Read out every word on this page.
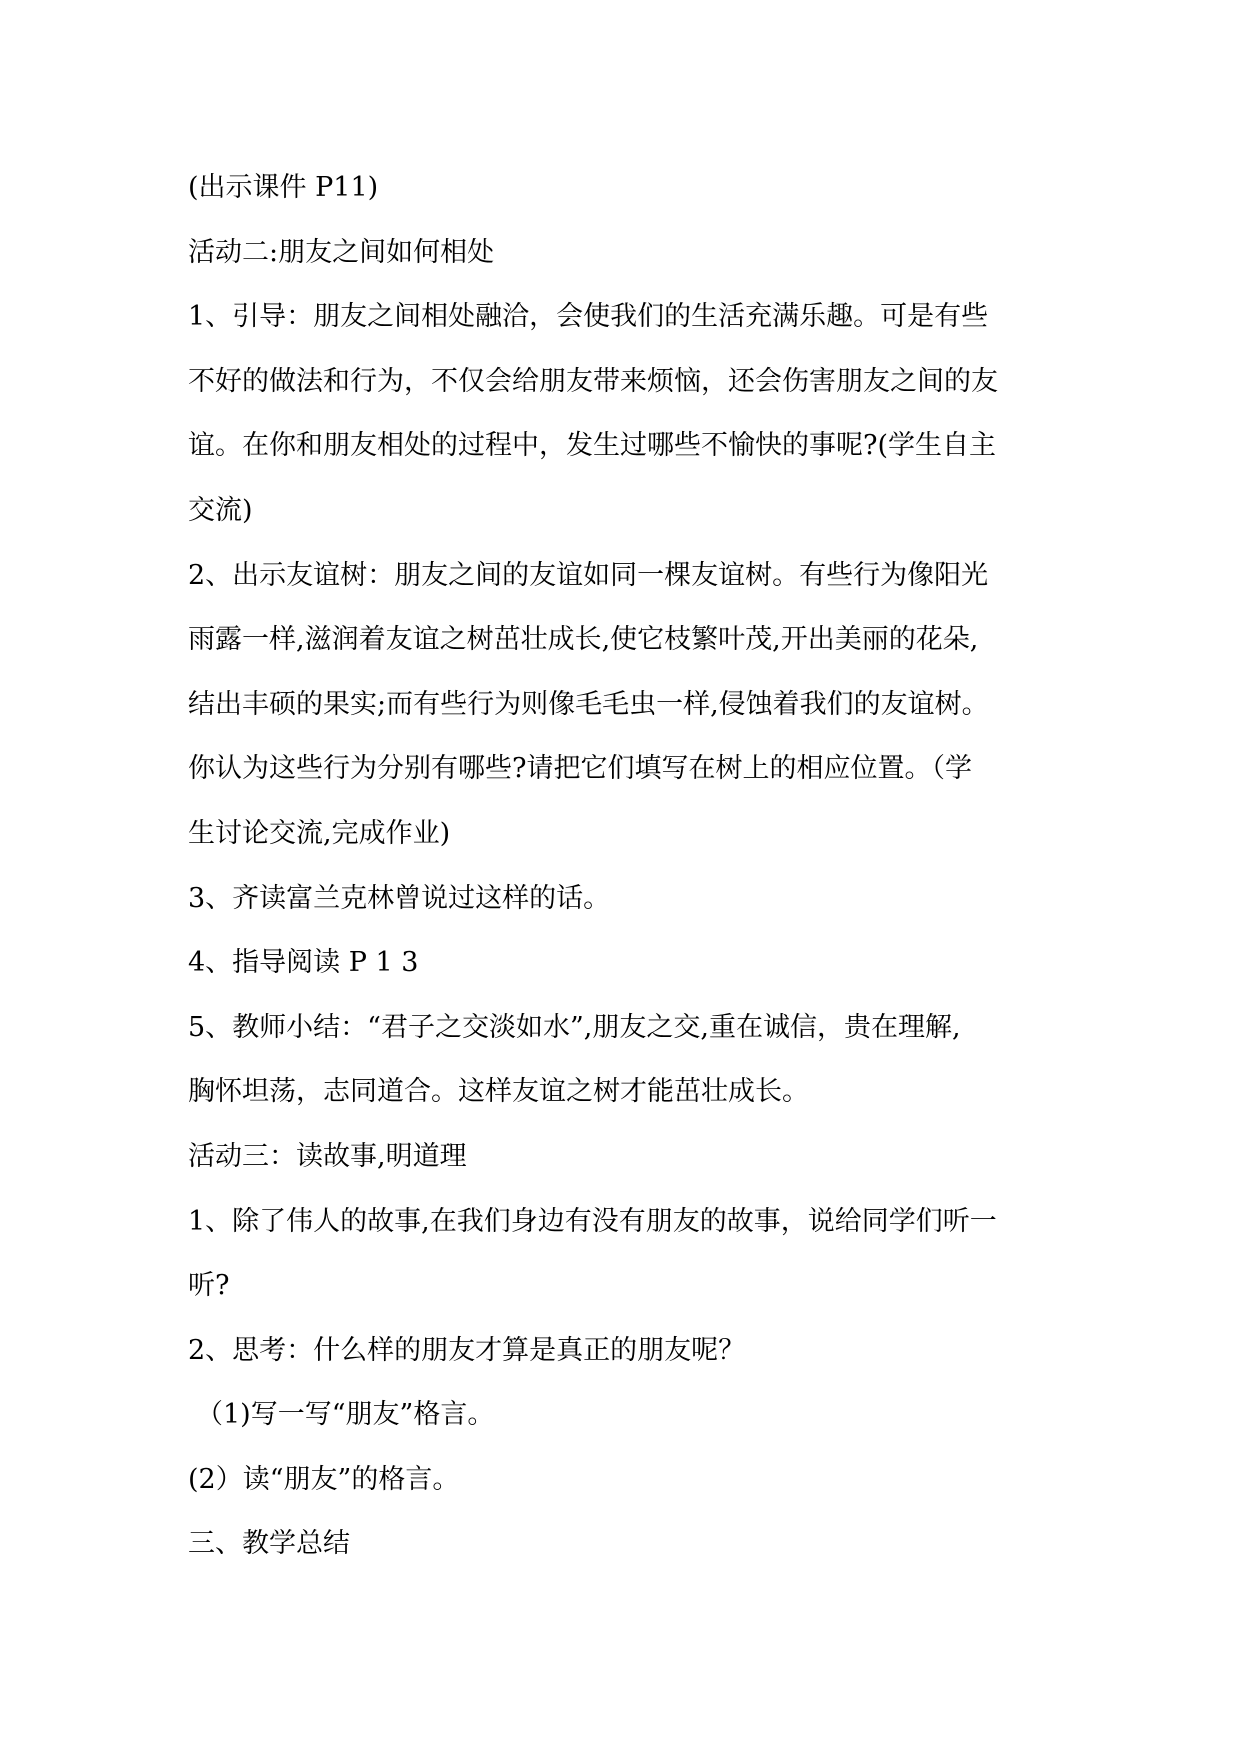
(出示课件 P11)

活动二:朋友之间如何相处

1、引导：朋友之间相处融洽，会使我们的生活充满乐趣。可是有些

不好的做法和行为，不仅会给朋友带来烦恼，还会伤害朋友之间的友

谊。在你和朋友相处的过程中，发生过哪些不愉快的事呢?(学生自主

交流)

2、出示友谊树：朋友之间的友谊如同一棵友谊树。有些行为像阳光

雨露一样,滋润着友谊之树茁壮成长,使它枝繁叶茂,开出美丽的花朵,

结出丰硕的果实;而有些行为则像毛毛虫一样,侵蚀着我们的友谊树。

你认为这些行为分别有哪些?请把它们填写在树上的相应位置。（学

生讨论交流,完成作业)

3、齐读富兰克林曾说过这样的话。

4、指导阅读 P 1 3

5、教师小结：“君子之交淡如水”,朋友之交,重在诚信，贵在理解,

胸怀坦荡，志同道合。这样友谊之树才能茁壮成长。

活动三：读故事,明道理

1、除了伟人的故事,在我们身边有没有朋友的故事，说给同学们听一

听?

2、思考：什么样的朋友才算是真正的朋友呢？

（1)写一写“朋友”格言。

(2）读“朋友”的格言。

三、教学总结
